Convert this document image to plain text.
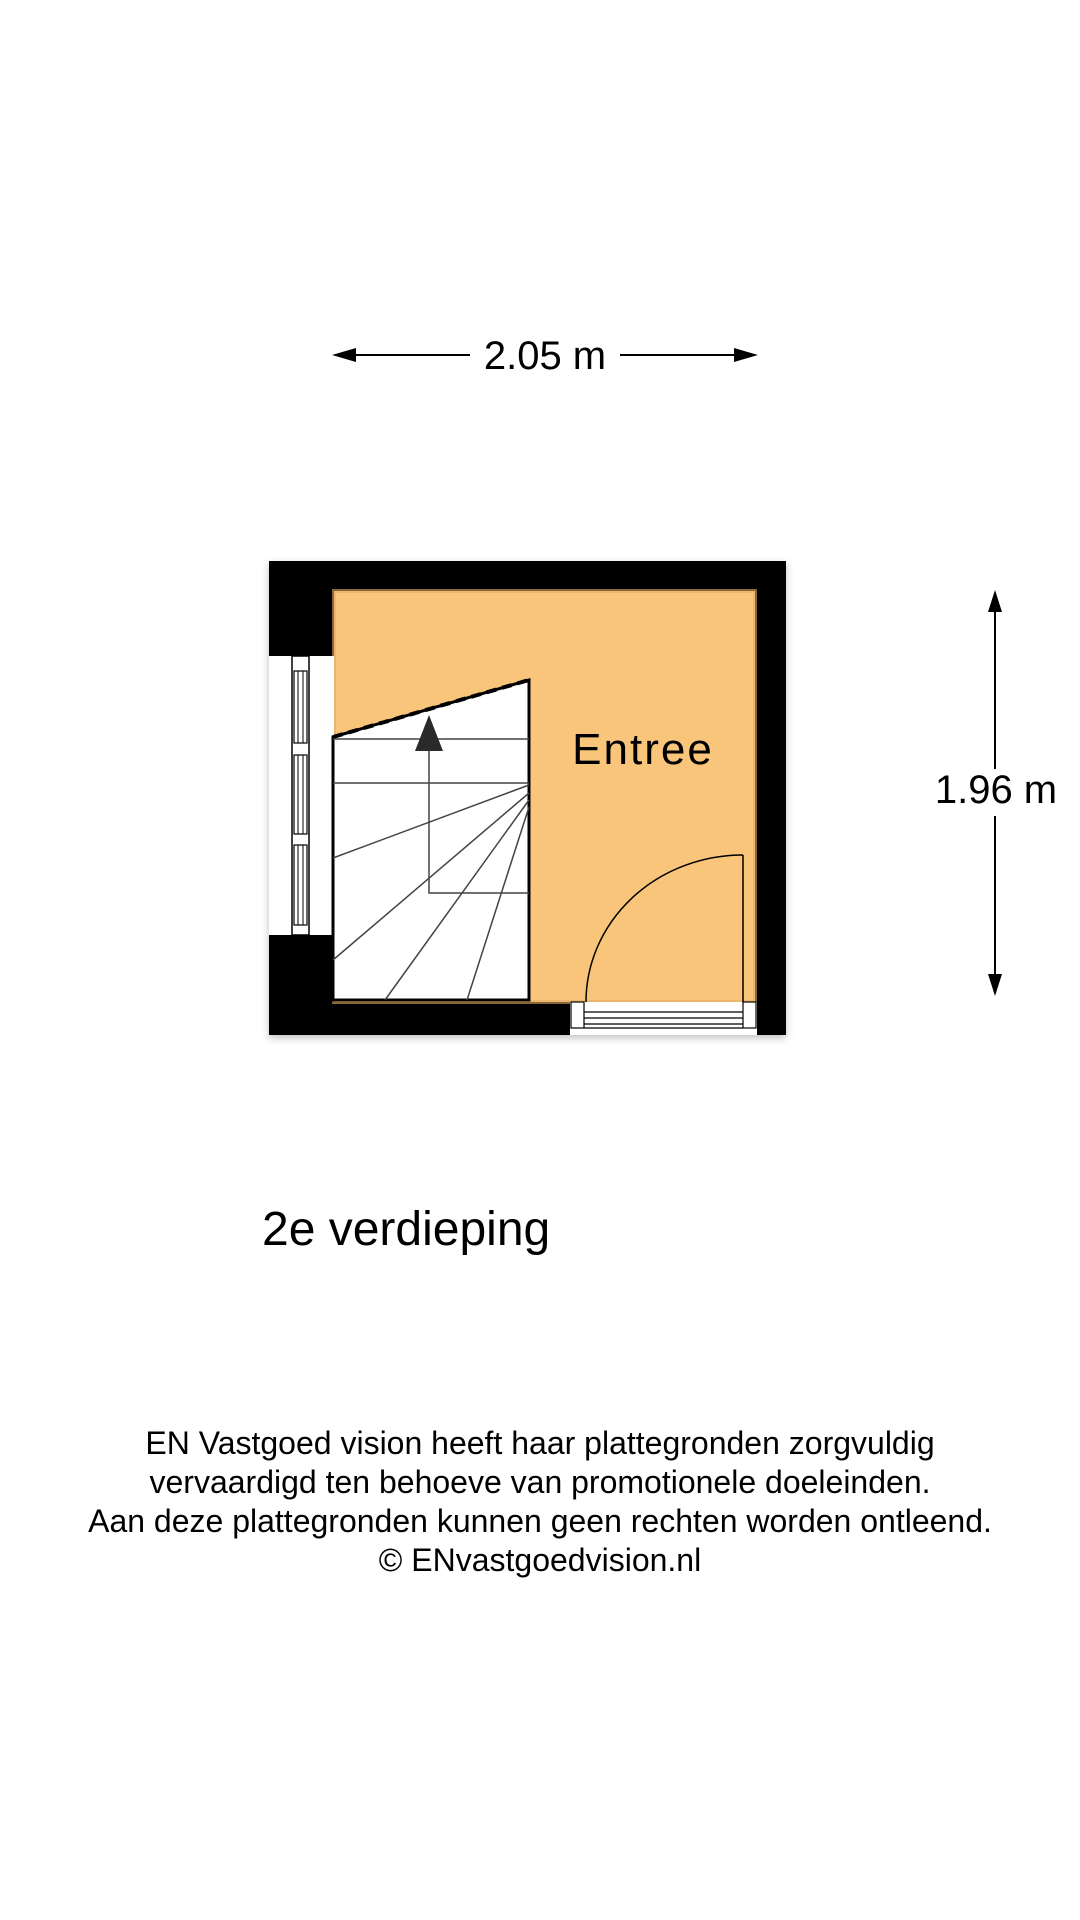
2.05 m
1.96 m
Entree
2e verdieping
EN Vastgoed vision heeft haar plattegronden zorgvuldig
vervaardigd ten behoeve van promotionele doeleinden.
Aan deze plattegronden kunnen geen rechten worden ontleend.
© ENvastgoedvision.nl
